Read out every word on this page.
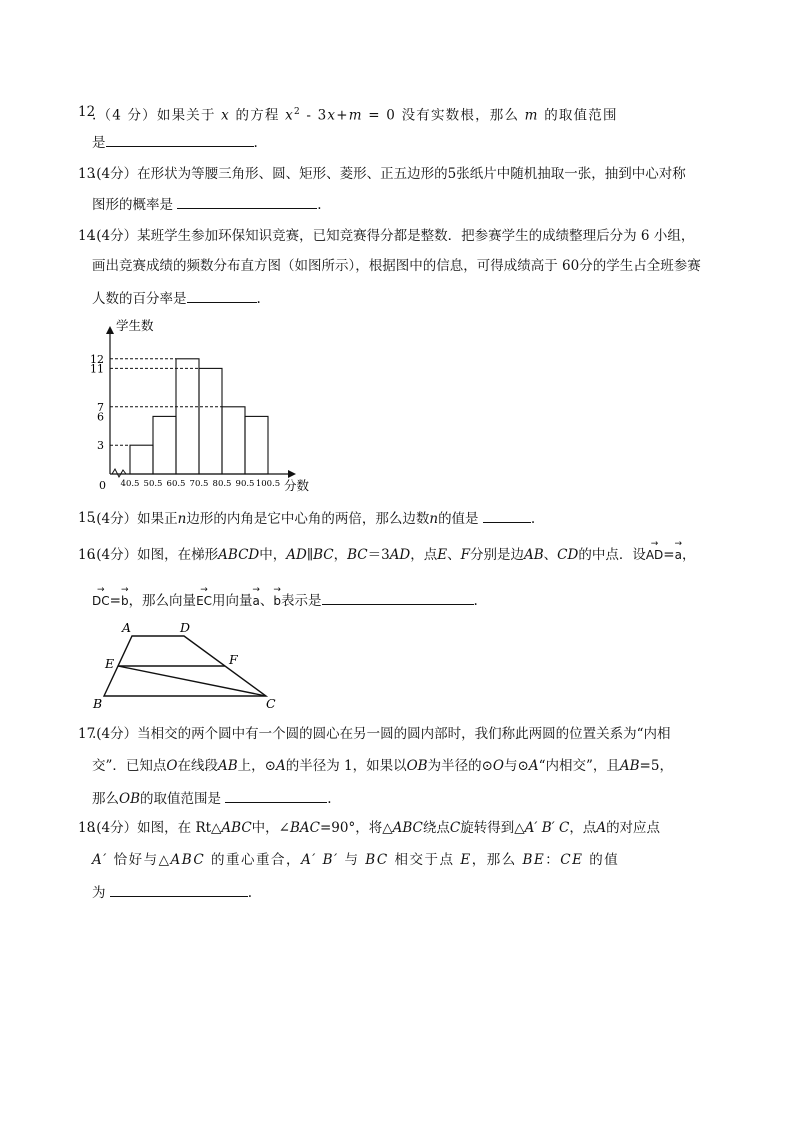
12
.（4 分）如果关于 x 的方程 $x^2 - 3x+m = 0$ 没有实数根，那么 m 的取值范围
是	.
13
.(4分）在形状为等腰三角形、圆、矩形、菱形、正五边形的5张纸片中随机抽取一张，抽到中心对称
图形的概率是	.
14
.(4分）某班学生参加环保知识竞赛，已知竞赛得分都是整数．把参赛学生的成绩整理后分为 6 小组，
画出竞赛成绩的频数分布直方图（如图所示），根据图中的信息，可得成绩高于 60分的学生占全班参赛
人数的百分率是	.
3
6
7
11
12
40.5 50.5 60.5 70.5 80.5 90.5 100.5
学生数
分数
0
15
.(4分）如果正n边形的内角是它中心角的两倍，那么边数n的值是	.
16
.(4分）如图，在梯形ABCD中，AD∥BC，BC＝3AD，点E、F分别是边AB、CD的中点．设→ AD=→ a，
→ DC=→ b，那么向量→ EC用向量→ a、→ b表示是	.
A	D
E	F
B	C
17
.(4分）当相交的两个圆中有一个圆的圆心在另一圆的圆内部时，我们称此两圆的位置关系为“内相
交”．已知点O在线段AB上，⊙A的半径为 1，如果以OB为半径的⊙O与⊙A“内相交”，且AB=5，
那么OB的取值范围是	.
18
.(4分）如图，在 Rt△ABC中，∠BAC=90°，将△ABC绕点C旋转得到△A′ B′ C，点A的对应点
A′ 恰好与△ABC 的重心重合，A′ B′ 与 BC 相交于点 E，那么 BE：CE 的值
为	.
